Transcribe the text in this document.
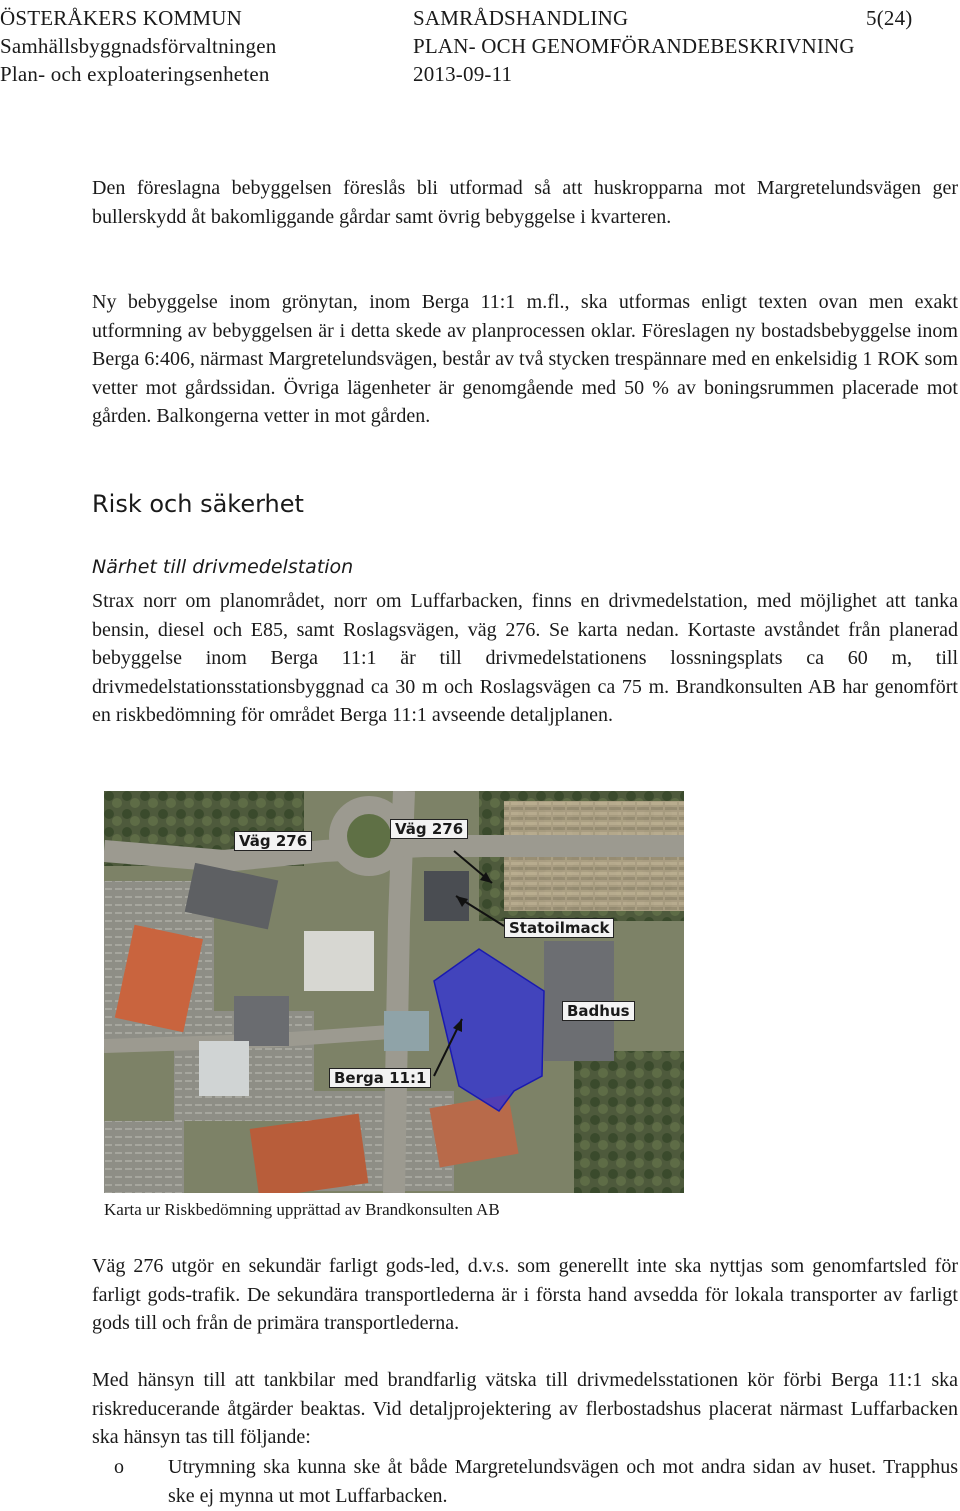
ÖSTERÅKERS KOMMUN
Samhällsbyggnadsförvaltningen
Plan- och exploateringsenheten
SAMRÅDSHANDLING
PLAN- OCH GENOMFÖRANDEBESKRIVNING
2013-09-11
5(24)

Den föreslagna bebyggelsen föreslås bli utformad så att huskropparna mot Margretelundsvägen ger bullerskydd åt bakomliggande gårdar samt övrig bebyggelse i kvarteren.

Ny bebyggelse inom grönytan, inom Berga 11:1 m.fl., ska utformas enligt texten ovan men exakt utformning av bebyggelsen är i detta skede av planprocessen oklar. Föreslagen ny bostadsbebyggelse inom Berga 6:406, närmast Margretelundsvägen, består av två stycken trespännare med en enkelsidig 1 ROK som vetter mot gårdssidan. Övriga lägenheter är genomgående med 50 % av boningsrummen placerade mot gården. Balkongerna vetter in mot gården.

Risk och säkerhet
Närhet till drivmedelstation

Strax norr om planområdet, norr om Luffarbacken, finns en drivmedelstation, med möjlighet att tanka bensin, diesel och E85, samt Roslagsvägen, väg 276. Se karta nedan. Kortaste avståndet från planerad bebyggelse inom Berga 11:1 är till drivmedelstationens lossningsplats ca 60 m, till drivmedelstationsstationsbyggnad ca 30 m och Roslagsvägen ca 75 m. Brandkonsulten AB har genomfört en riskbedömning för området Berga 11:1 avseende detaljplanen.

Väg 276
Väg 276
Statoilmack
Badhus
Berga 11:1
Karta ur Riskbedömning upprättad av Brandkonsulten AB

Väg 276 utgör en sekundär farligt gods-led, d.v.s. som generellt inte ska nyttjas som genomfartsled för farligt gods-trafik. De sekundära transportlederna är i första hand avsedda för lokala transporter av farligt gods till och från de primära transportlederna.

Med hänsyn till att tankbilar med brandfarlig vätska till drivmedelsstationen kör förbi Berga 11:1 ska riskreducerande åtgärder beaktas. Vid detaljprojektering av flerbostadshus placerat närmast Luffarbacken ska hänsyn tas till följande:

o Utrymning ska kunna ske åt både Margretelundsvägen och mot andra sidan av huset. Trapphus ske ej mynna ut mot Luffarbacken.
